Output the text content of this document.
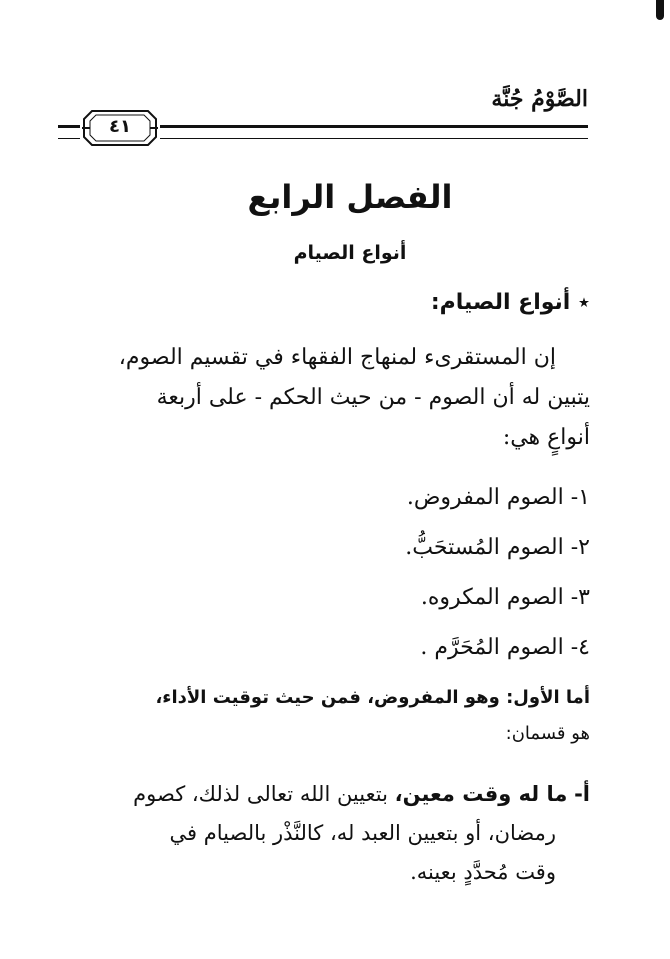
الصَّوْمُ جُنَّة
٤١
الفصل الرابع
أنواع الصيام
٭ أنواع الصيام:
إن المستقرىء لمنهاج الفقهاء في تقسيم الصوم،
يتبين له أن الصوم - من حيث الحكم - على أربعة
أنواعٍ هي:
١- الصوم المفروض.
٢- الصوم المُستحَبُّ.
٣- الصوم المكروه.
٤- الصوم المُحَرَّم .
أما الأول: وهو المفروض، فمن حيث توقيت الأداء،
هو قسمان:
أ- ما له وقت معين، بتعيين الله تعالى لذلك، كصوم
رمضان، أو بتعيين العبد له، كالنَّذْر بالصيام في
وقت مُحدَّدٍ بعينه.
